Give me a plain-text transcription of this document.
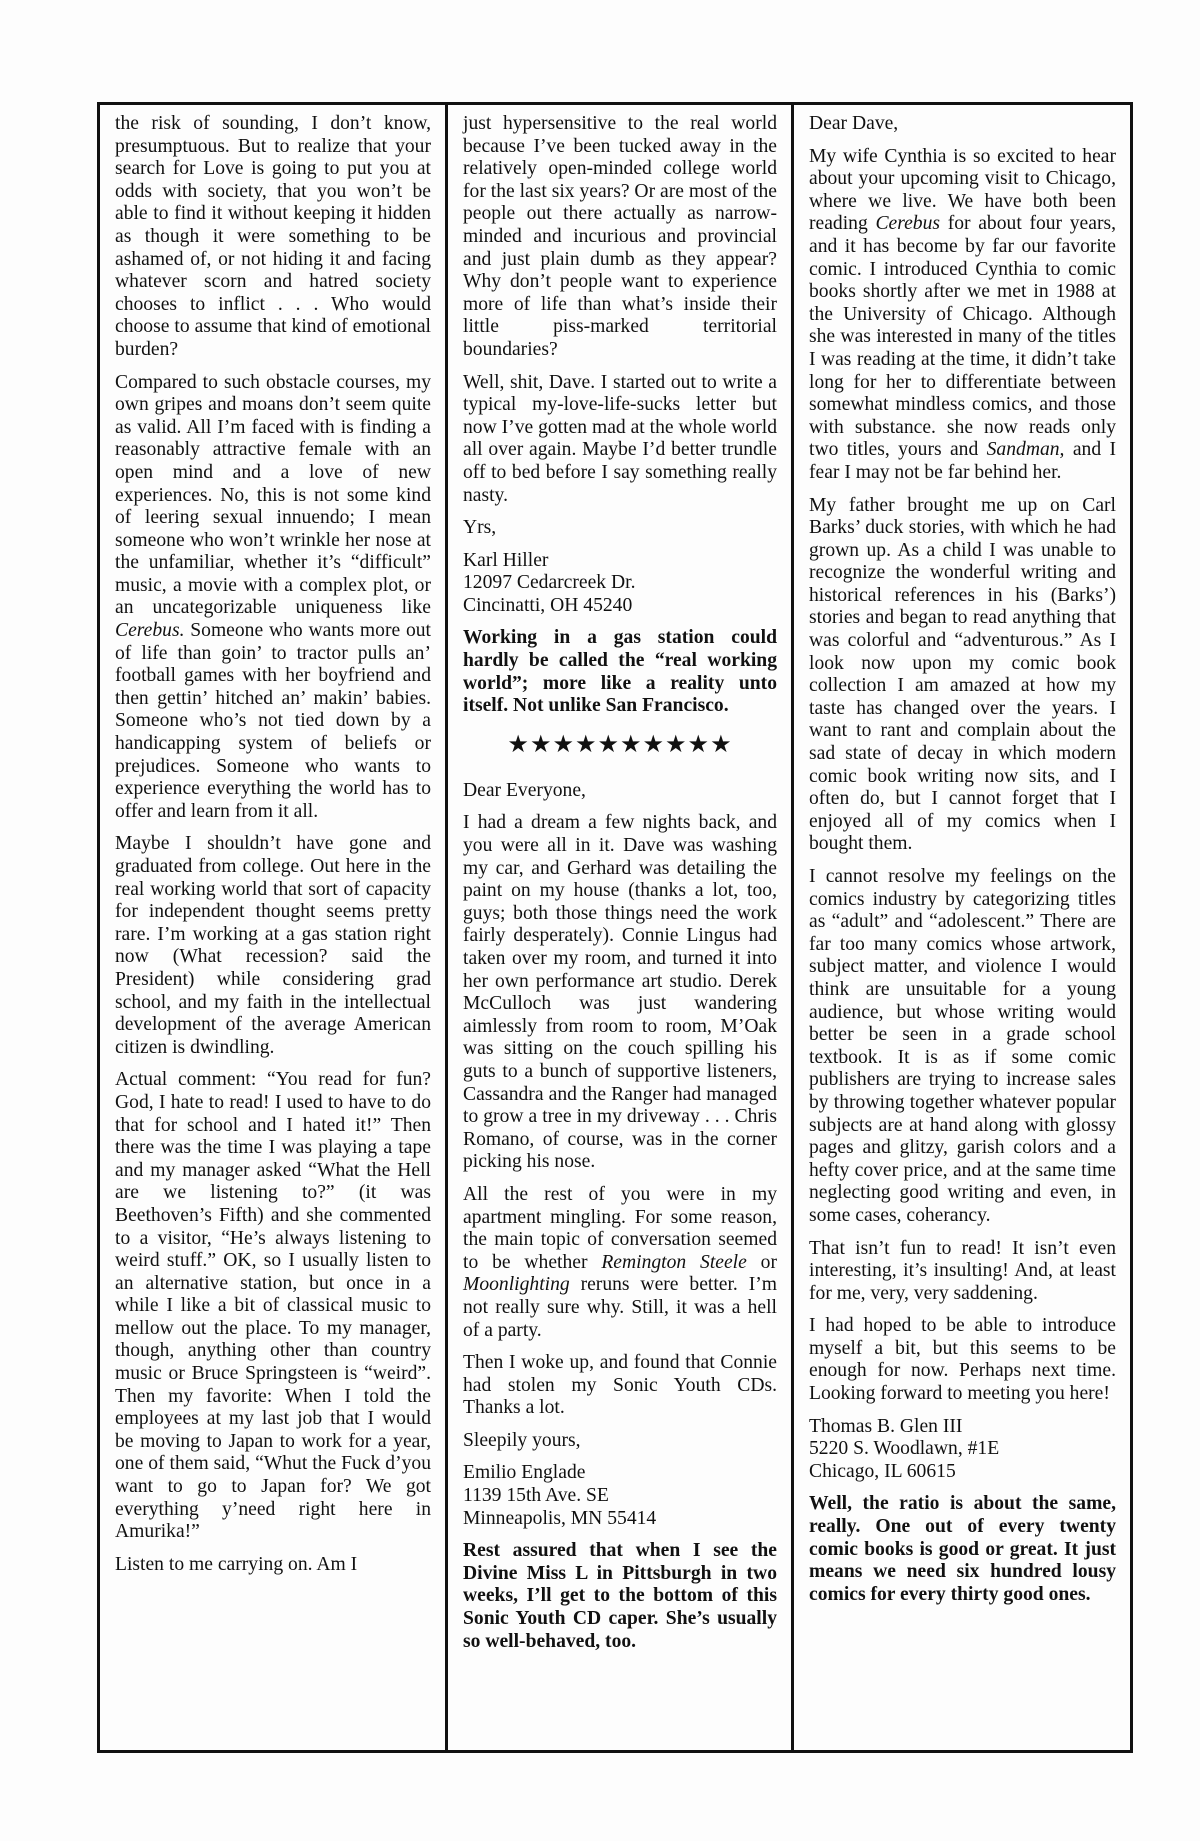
the risk of sounding, I don’t know, presumptuous. But to realize that your search for Love is going to put you at odds with society, that you won’t be able to find it without keeping it hidden as though it were something to be ashamed of, or not hiding it and facing whatever scorn and hatred society chooses to inflict . . . Who would choose to assume that kind of emotional burden?

Compared to such obstacle courses, my own gripes and moans don’t seem quite as valid. All I’m faced with is finding a reasonably attractive female with an open mind and a love of new experiences. No, this is not some kind of leering sexual innuendo; I mean someone who won’t wrinkle her nose at the unfamiliar, whether it’s “difficult” music, a movie with a complex plot, or an uncategorizable uniqueness like Cerebus. Someone who wants more out of life than goin’ to tractor pulls an’ football games with her boyfriend and then gettin’ hitched an’ makin’ babies. Someone who’s not tied down by a handicapping system of beliefs or prejudices. Someone who wants to experience everything the world has to offer and learn from it all.

Maybe I shouldn’t have gone and graduated from college. Out here in the real working world that sort of capacity for independent thought seems pretty rare. I’m working at a gas station right now (What recession? said the President) while considering grad school, and my faith in the intellectual development of the average American citizen is dwindling.

Actual comment: “You read for fun? God, I hate to read! I used to have to do that for school and I hated it!” Then there was the time I was playing a tape and my manager asked “What the Hell are we listening to?” (it was Beethoven’s Fifth) and she commented to a visitor, “He’s always listening to weird stuff.” OK, so I usually listen to an alternative station, but once in a while I like a bit of classical music to mellow out the place. To my manager, though, anything other than country music or Bruce Springsteen is “weird”. Then my favorite: When I told the employees at my last job that I would be moving to Japan to work for a year, one of them said, “Whut the Fuck d’you want to go to Japan for? We got everything y’need right here in Amurika!”

Listen to me carrying on. Am I

just hypersensitive to the real world because I’ve been tucked away in the relatively open-minded college world for the last six years? Or are most of the people out there actually as narrow-minded and incurious and provincial and just plain dumb as they appear? Why don’t people want to experience more of life than what’s inside their little piss-marked territorial boundaries?

Well, shit, Dave. I started out to write a typical my-love-life-sucks letter but now I’ve gotten mad at the whole world all over again. Maybe I’d better trundle off to bed before I say something really nasty.

Yrs,

Karl Hiller
12097 Cedarcreek Dr.
Cincinatti, OH 45240

Working in a gas station could hardly be called the “real working world”; more like a reality unto itself. Not unlike San Francisco.

★★★★★★★★★★

Dear Everyone,

I had a dream a few nights back, and you were all in it. Dave was washing my car, and Gerhard was detailing the paint on my house (thanks a lot, too, guys; both those things need the work fairly desperately). Connie Lingus had taken over my room, and turned it into her own performance art studio. Derek McCulloch was just wandering aimlessly from room to room, M’Oak was sitting on the couch spilling his guts to a bunch of supportive listeners, Cassandra and the Ranger had managed to grow a tree in my driveway . . . Chris Romano, of course, was in the corner picking his nose.

All the rest of you were in my apartment mingling. For some reason, the main topic of conversation seemed to be whether Remington Steele or Moonlighting reruns were better. I’m not really sure why. Still, it was a hell of a party.

Then I woke up, and found that Connie had stolen my Sonic Youth CDs. Thanks a lot.

Sleepily yours,

Emilio Englade
1139 15th Ave. SE
Minneapolis, MN 55414

Rest assured that when I see the Divine Miss L in Pittsburgh in two weeks, I’ll get to the bottom of this Sonic Youth CD caper. She’s usually so well-behaved, too.

Dear Dave,

My wife Cynthia is so excited to hear about your upcoming visit to Chicago, where we live. We have both been reading Cerebus for about four years, and it has become by far our favorite comic. I introduced Cynthia to comic books shortly after we met in 1988 at the University of Chicago. Although she was interested in many of the titles I was reading at the time, it didn’t take long for her to differentiate between somewhat mindless comics, and those with substance. she now reads only two titles, yours and Sandman, and I fear I may not be far behind her.

My father brought me up on Carl Barks’ duck stories, with which he had grown up. As a child I was unable to recognize the wonderful writing and historical references in his (Barks’) stories and began to read anything that was colorful and “adventurous.” As I look now upon my comic book collection I am amazed at how my taste has changed over the years. I want to rant and complain about the sad state of decay in which modern comic book writing now sits, and I often do, but I cannot forget that I enjoyed all of my comics when I bought them.

I cannot resolve my feelings on the comics industry by categorizing titles as “adult” and “adolescent.” There are far too many comics whose artwork, subject matter, and violence I would think are unsuitable for a young audience, but whose writing would better be seen in a grade school textbook. It is as if some comic publishers are trying to increase sales by throwing together whatever popular subjects are at hand along with glossy pages and glitzy, garish colors and a hefty cover price, and at the same time neglecting good writing and even, in some cases, coherancy.

That isn’t fun to read! It isn’t even interesting, it’s insulting! And, at least for me, very, very saddening.

I had hoped to be able to introduce myself a bit, but this seems to be enough for now. Perhaps next time. Looking forward to meeting you here!

Thomas B. Glen III
5220 S. Woodlawn, #1E
Chicago, IL 60615

Well, the ratio is about the same, really. One out of every twenty comic books is good or great. It just means we need six hundred lousy comics for every thirty good ones.
